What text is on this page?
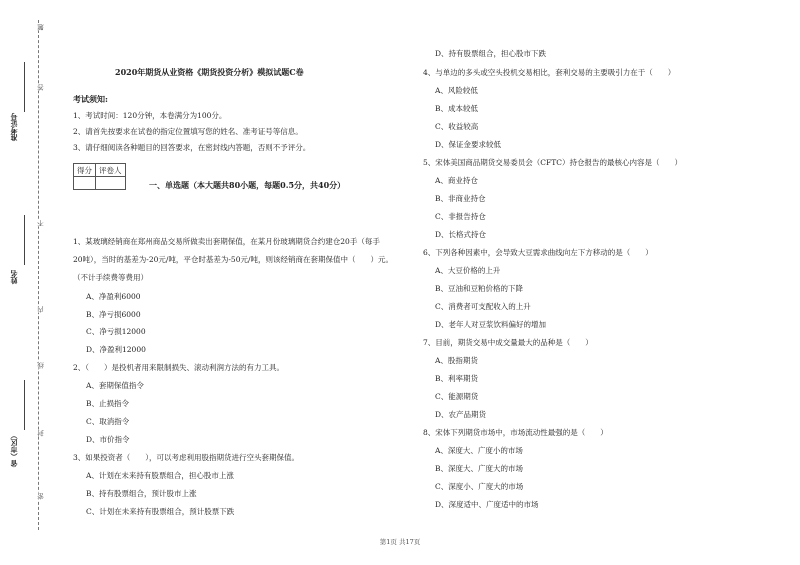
题
答
不
内
线
封
密
准考证号
姓名
省（市区）
2020年期货从业资格《期货投资分析》模拟试题C卷
考试须知:
1、考试时间：120分钟，本卷满分为100分。
2、请首先按要求在试卷的指定位置填写您的姓名、准考证号等信息。
3、请仔细阅读各种题目的回答要求，在密封线内答题，否则不予评分。
得分	评卷人

一、单选题（本大题共80小题，每题0.5分，共40分）
1、某玻璃经销商在郑州商品交易所做卖出套期保值，在某月份玻璃期货合约建仓20手（每手
20吨），当时的基差为-20元/吨，平仓时基差为-50元/吨，则该经销商在套期保值中（　　）元。
（不计手续费等费用）
A、净盈利6000
B、净亏损6000
C、净亏损12000
D、净盈利12000
2、（　　）是投机者用来限制损失、滚动利润方法的有力工具。
A、套期保值指令
B、止损指令
C、取消指令
D、市价指令
3、如果投资者（　　），可以考虑利用股指期货进行空头套期保值。
A、计划在未来持有股票组合，担心股市上涨
B、持有股票组合，预计股市上涨
C、计划在未来持有股票组合，预计股票下跌
D、持有股票组合，担心股市下跌
4、与单边的多头或空头投机交易相比，套利交易的主要吸引力在于（　　）
A、风险较低
B、成本较低
C、收益较高
D、保证金要求较低
5、宋体美国商品期货交易委员会（CFTC）持仓报告的最核心内容是（　　）
A、商业持仓
B、非商业持仓
C、非报告持仓
D、长格式持仓
6、下列各种因素中，会导致大豆需求曲线向左下方移动的是（　　）
A、大豆价格的上升
B、豆油和豆粕价格的下降
C、消费者可支配收入的上升
D、老年人对豆浆饮料偏好的增加
7、目前，期货交易中成交量最大的品种是（　　）
A、股指期货
B、利率期货
C、能源期货
D、农产品期货
8、宋体下列期货市场中，市场流动性最强的是（　　）
A、深度大、广度小的市场
B、深度大、广度大的市场
C、深度小、广度大的市场
D、深度适中、广度适中的市场
第1页 共17页
